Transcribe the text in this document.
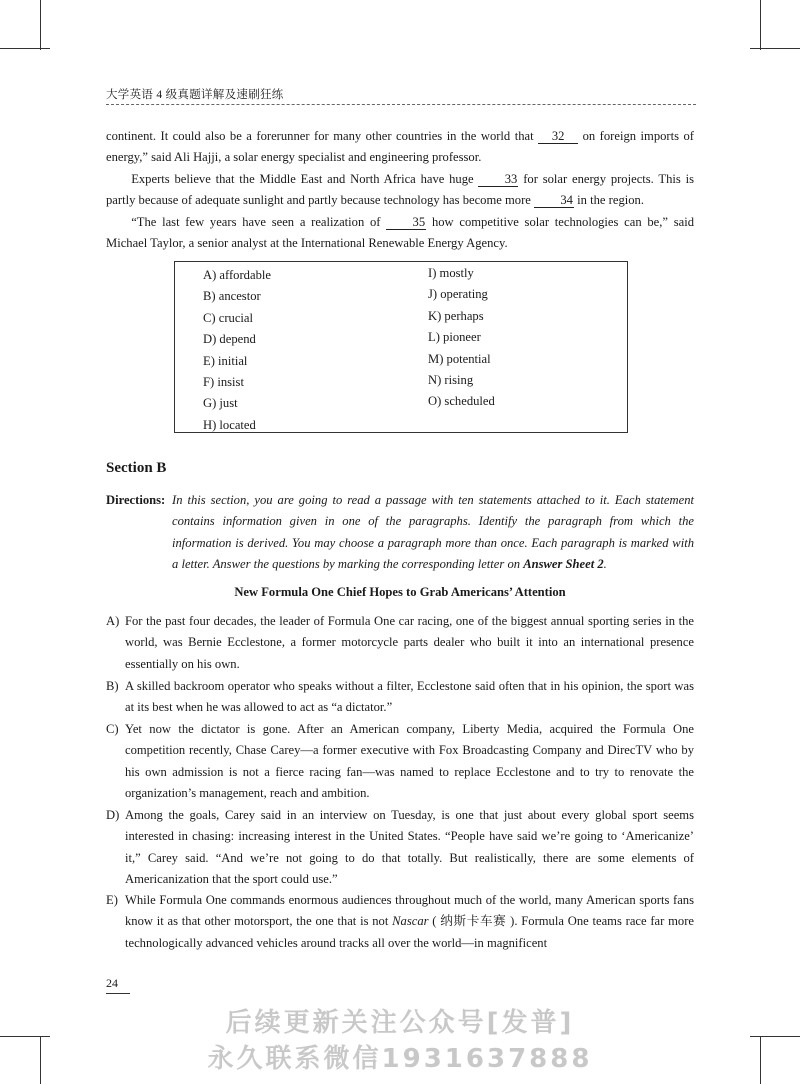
大学英语 4 级真题详解及速刷狂练
continent. It could also be a forerunner for many other countries in the world that 32 on foreign imports of energy,” said Ali Hajji, a solar energy specialist and engineering professor.
Experts believe that the Middle East and North Africa have huge 33 for solar energy projects. This is partly because of adequate sunlight and partly because technology has become more 34 in the region.
“The last few years have seen a realization of 35 how competitive solar technologies can be,” said Michael Taylor, a senior analyst at the International Renewable Energy Agency.
A) affordable
B) ancestor
C) crucial
D) depend
E) initial
F) insist
G) just
H) located
I) mostly
J) operating
K) perhaps
L) pioneer
M) potential
N) rising
O) scheduled
Section B
Directions: In this section, you are going to read a passage with ten statements attached to it. Each statement contains information given in one of the paragraphs. Identify the paragraph from which the information is derived. You may choose a paragraph more than once. Each paragraph is marked with a letter. Answer the questions by marking the corresponding letter on Answer Sheet 2.
New Formula One Chief Hopes to Grab Americans’ Attention
A) For the past four decades, the leader of Formula One car racing, one of the biggest annual sporting series in the world, was Bernie Ecclestone, a former motorcycle parts dealer who built it into an international presence essentially on his own.
B) A skilled backroom operator who speaks without a filter, Ecclestone said often that in his opinion, the sport was at its best when he was allowed to act as “a dictator.”
C) Yet now the dictator is gone. After an American company, Liberty Media, acquired the Formula One competition recently, Chase Carey—a former executive with Fox Broadcasting Company and DirecTV who by his own admission is not a fierce racing fan—was named to replace Ecclestone and to try to renovate the organization’s management, reach and ambition.
D) Among the goals, Carey said in an interview on Tuesday, is one that just about every global sport seems interested in chasing: increasing interest in the United States. “People have said we’re going to ‘Americanize’ it,” Carey said. “And we’re not going to do that totally. But realistically, there are some elements of Americanization that the sport could use.”
E) While Formula One commands enormous audiences throughout much of the world, many American sports fans know it as that other motorsport, the one that is not Nascar ( 纳斯卡车赛 ). Formula One teams race far more technologically advanced vehicles around tracks all over the world—in magnificent
24
后续更新关注公众号[发普]
永久联系微信1931637888
